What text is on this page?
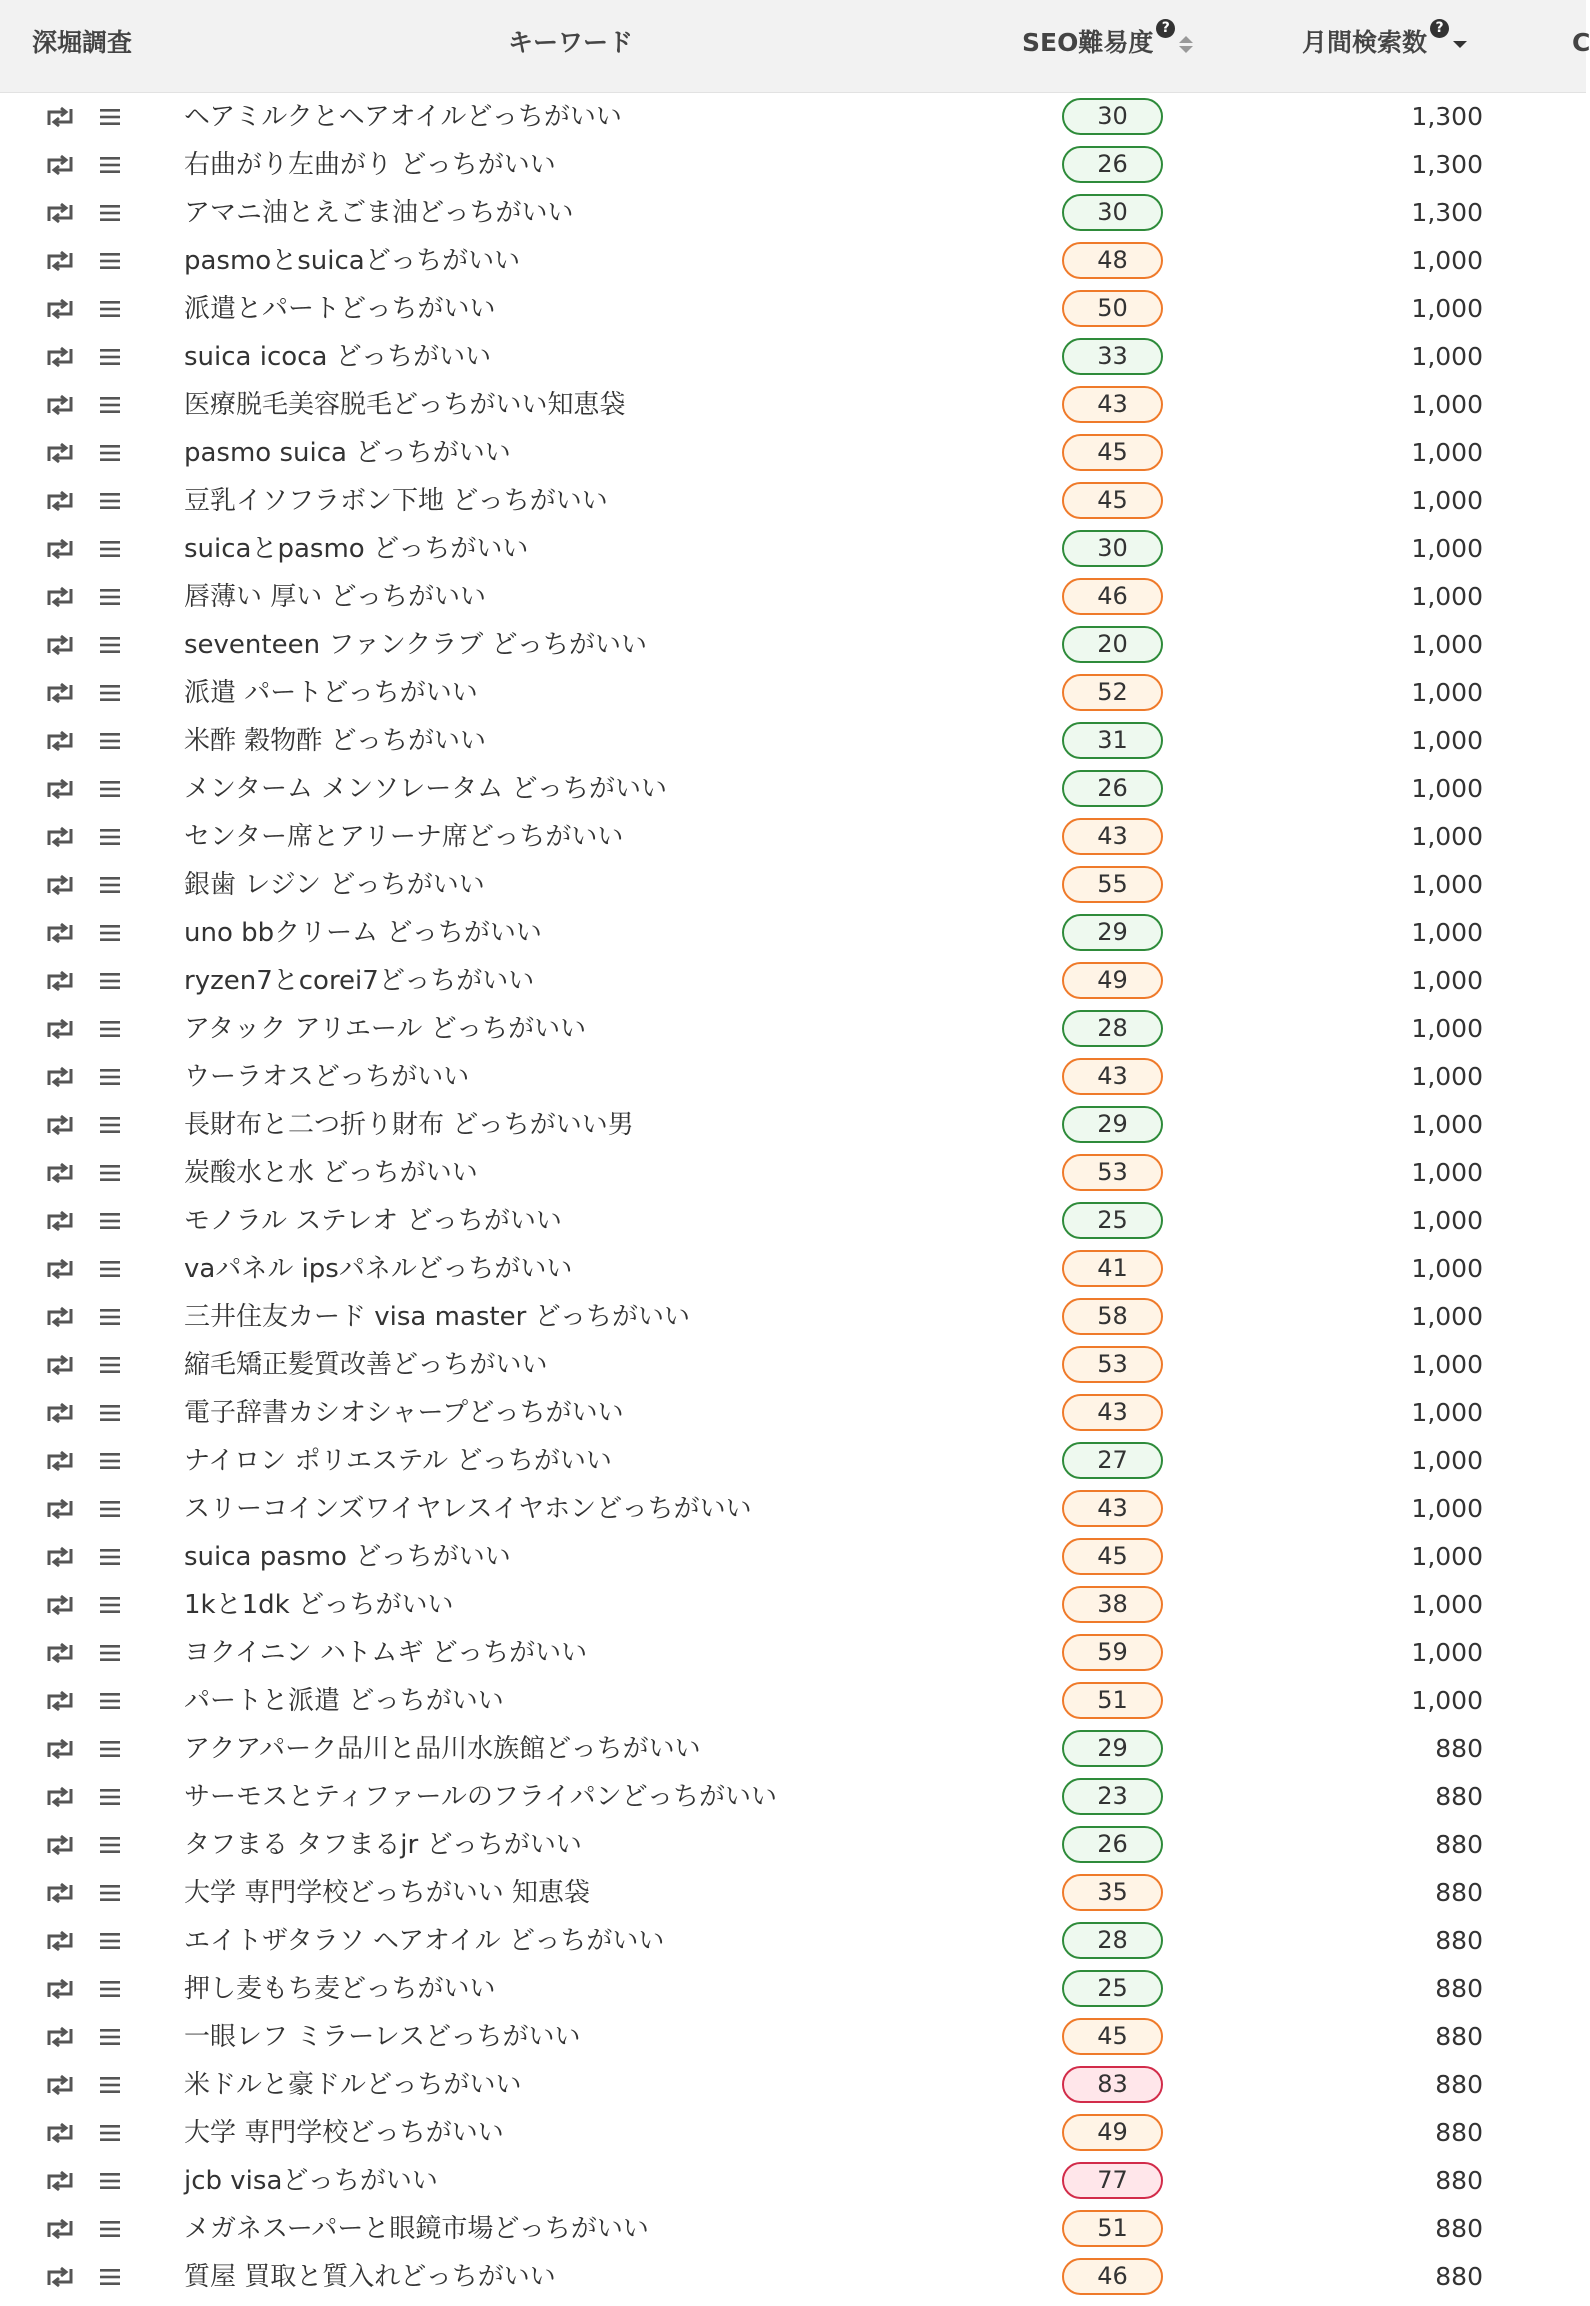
深堀調査	キーワード	SEO難易度 ?	月間検索数 ?	C
ヘアミルクとヘアオイルどっちがいい	30	1,300
右曲がり左曲がり どっちがいい	26	1,300
アマニ油とえごま油どっちがいい	30	1,300
pasmoとsuicaどっちがいい	48	1,000
派遣とパートどっちがいい	50	1,000
suica icoca どっちがいい	33	1,000
医療脱毛美容脱毛どっちがいい知恵袋	43	1,000
pasmo suica どっちがいい	45	1,000
豆乳イソフラボン下地 どっちがいい	45	1,000
suicaとpasmo どっちがいい	30	1,000
唇薄い 厚い どっちがいい	46	1,000
seventeen ファンクラブ どっちがいい	20	1,000
派遣 パートどっちがいい	52	1,000
米酢 穀物酢 どっちがいい	31	1,000
メンターム メンソレータム どっちがいい	26	1,000
センター席とアリーナ席どっちがいい	43	1,000
銀歯 レジン どっちがいい	55	1,000
uno bbクリーム どっちがいい	29	1,000
ryzen7とcorei7どっちがいい	49	1,000
アタック アリエール どっちがいい	28	1,000
ウーラオスどっちがいい	43	1,000
長財布と二つ折り財布 どっちがいい男	29	1,000
炭酸水と水 どっちがいい	53	1,000
モノラル ステレオ どっちがいい	25	1,000
vaパネル ipsパネルどっちがいい	41	1,000
三井住友カード visa master どっちがいい	58	1,000
縮毛矯正髪質改善どっちがいい	53	1,000
電子辞書カシオシャープどっちがいい	43	1,000
ナイロン ポリエステル どっちがいい	27	1,000
スリーコインズワイヤレスイヤホンどっちがいい	43	1,000
suica pasmo どっちがいい	45	1,000
1kと1dk どっちがいい	38	1,000
ヨクイニン ハトムギ どっちがいい	59	1,000
パートと派遣 どっちがいい	51	1,000
アクアパーク品川と品川水族館どっちがいい	29	880
サーモスとティファールのフライパンどっちがいい	23	880
タフまる タフまるjr どっちがいい	26	880
大学 専門学校どっちがいい 知恵袋	35	880
エイトザタラソ ヘアオイル どっちがいい	28	880
押し麦もち麦どっちがいい	25	880
一眼レフ ミラーレスどっちがいい	45	880
米ドルと豪ドルどっちがいい	83	880
大学 専門学校どっちがいい	49	880
jcb visaどっちがいい	77	880
メガネスーパーと眼鏡市場どっちがいい	51	880
質屋 買取と質入れどっちがいい	46	880
